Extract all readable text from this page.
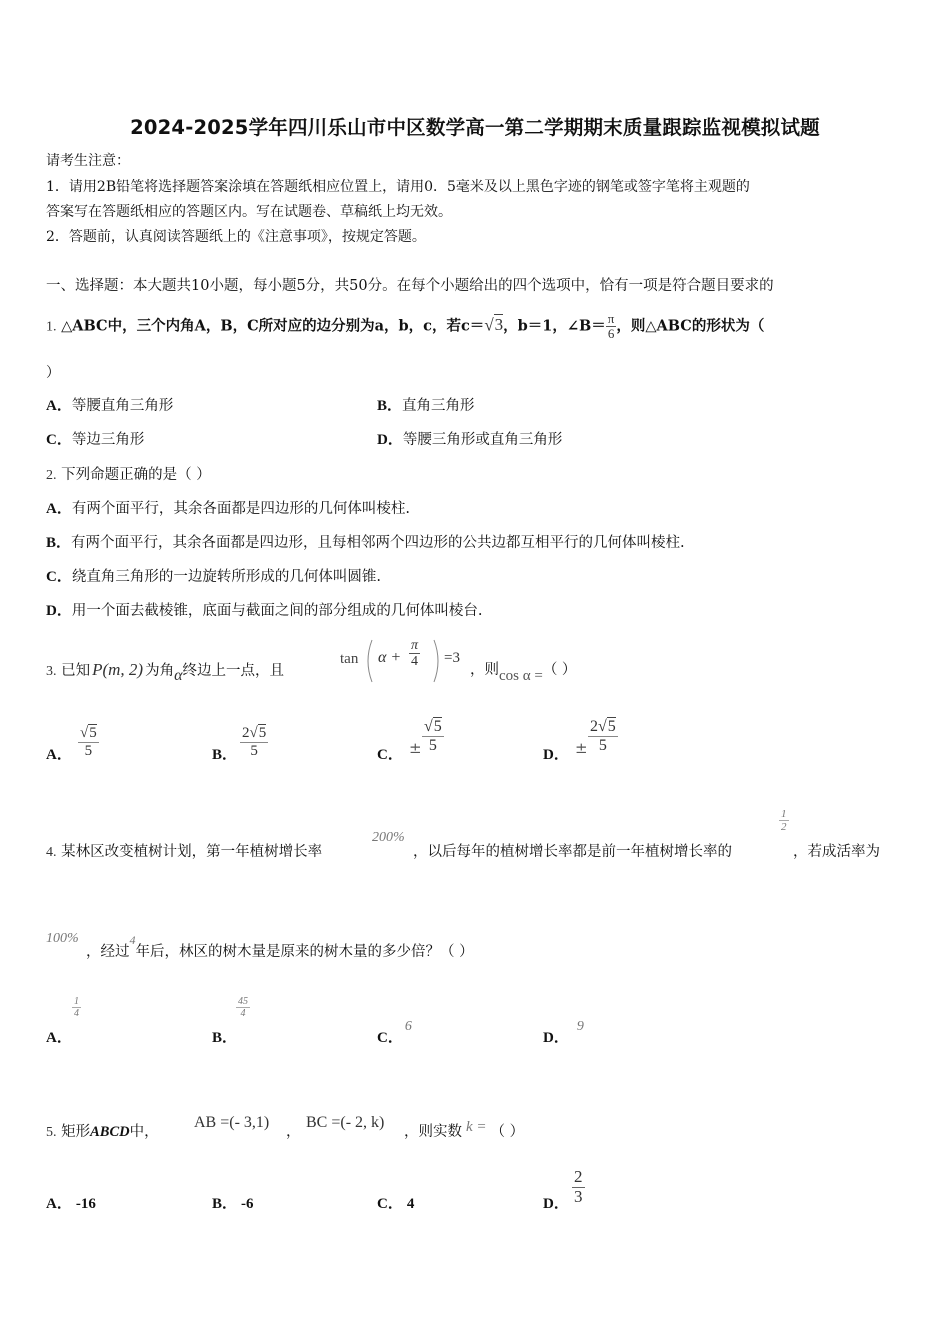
2024-2025学年四川乐山市中区数学高一第二学期期末质量跟踪监视模拟试题
请考生注意：
1．请用2B铅笔将选择题答案涂填在答题纸相应位置上，请用0．5毫米及以上黑色字迹的钢笔或签字笔将主观题的
答案写在答题纸相应的答题区内。写在试题卷、草稿纸上均无效。
2．答题前，认真阅读答题纸上的《注意事项》，按规定答题。
一、选择题：本大题共10小题，每小题5分，共50分。在每个小题给出的四个选项中，恰有一项是符合题目要求的
1. △ABC中，三个内角A，B，C所对应的边分别为a，b，c，若c＝√3，b＝1，∠B＝ $\frac{\pi}{6}$ ，则△ABC的形状为（
）
A．等腰直角三角形	B．直角三角形
C．等边三角形	D．等腰三角形或直角三角形
2. 下列命题正确的是（ ）
A．有两个面平行，其余各面都是四边形的几何体叫棱柱.
B．有两个面平行，其余各面都是四边形，且每相邻两个四边形的公共边都互相平行的几何体叫棱柱.
C．绕直角三角形的一边旋转所形成的几何体叫圆锥.
D．用一个面去截棱锥，底面与截面之间的部分组成的几何体叫棱台.
3. 已知 P(m, 2) 为角α终边上一点，且
$\tan \alpha + \frac{\pi}{4} =3$
，则cos α =（ ）
A． $\frac{√5}{5}$	B． $\frac{2√5}{5}$	C． ± $\frac{√5}{5}$
D． ± $\frac{2√5}{5}$
4. 某林区改变植树计划，第一年植树增长率
200%
，以后每年的植树增长率都是前一年植树增长率的
$\frac{1}{2}$
，若成活率为
100%
，经过$^4$年后，林区的树木量是原来的树木量的多少倍？（ ）
A．
$\frac{1}{4}$
B．
$\frac{45}{4}$
C．6
D．9
5. 矩形ABCD中，
AB =(- 3,1)
，
BC =(- 2, k)
，则实数 k = （ ）
A． -16	B． -6	C． 4	D． $\frac{2}{3}$
